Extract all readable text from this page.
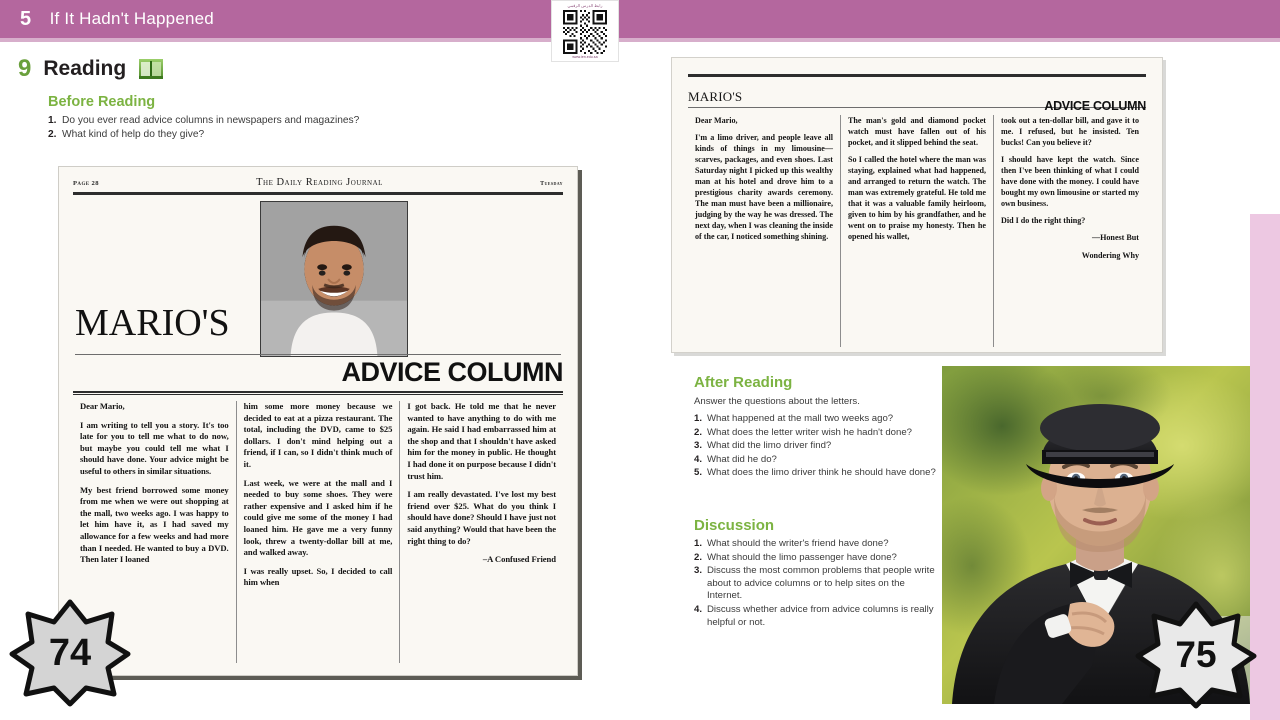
5 If It Hadn't Happened
رابط الدرس الرقمي
www.ien.edu.sa
9 Reading
Before Reading
1. Do you ever read advice columns in newspapers and magazines?
2. What kind of help do they give?
Page 28	The Daily Reading Journal	Tuesday
MARIO'S
ADVICE COLUMN

Dear Mario,

I am writing to tell you a story. It's too late for you to tell me what to do now, but maybe you could tell me what I should have done. Your advice might be useful to others in similar situations.

My best friend borrowed some money from me when we were out shopping at the mall, two weeks ago. I was happy to let him have it, as I had saved my allowance for a few weeks and had more than I needed. He wanted to buy a DVD. Then later I loaned

him some more money because we decided to eat at a pizza restaurant. The total, including the DVD, came to $25 dollars. I don't mind helping out a friend, if I can, so I didn't think much of it.

Last week, we were at the mall and I needed to buy some shoes. They were rather expensive and I asked him if he could give me some of the money I had loaned him. He gave me a very funny look, threw a twenty-dollar bill at me, and walked away.

I was really upset. So, I decided to call him when

I got back. He told me that he never wanted to have anything to do with me again. He said I had embarrassed him at the shop and that I shouldn't have asked him for the money in public. He thought I had done it on purpose because I didn't trust him.

I am really devastated. I've lost my best friend over $25. What do you think I should have done? Should I have just not said anything? Would that have been the right thing to do?

–A Confused Friend

MARIO'S
ADVICE COLUMN

Dear Mario,

I'm a limo driver, and people leave all kinds of things in my limousine—scarves, packages, and even shoes. Last Saturday night I picked up this wealthy man at his hotel and drove him to a prestigious charity awards ceremony. The man must have been a millionaire, judging by the way he was dressed. The next day, when I was cleaning the inside of the car, I noticed something shining.

The man's gold and diamond pocket watch must have fallen out of his pocket, and it slipped behind the seat.

So I called the hotel where the man was staying, explained what had happened, and arranged to return the watch. The man was extremely grateful. He told me that it was a valuable family heirloom, given to him by his grandfather, and he went on to praise my honesty. Then he opened his wallet,

took out a ten-dollar bill, and gave it to me. I refused, but he insisted. Ten bucks! Can you believe it?

I should have kept the watch. Since then I've been thinking of what I could have done with the money. I could have bought my own limousine or started my own business.

Did I do the right thing?

—Honest But

Wondering Why

After Reading
Answer the questions about the letters.
1. What happened at the mall two weeks ago?
2. What does the letter writer wish he hadn't done?
3. What did the limo driver find?
4. What did he do?
5. What does the limo driver think he should have done?
Discussion
1. What should the writer's friend have done?
2. What should the limo passenger have done?
3. Discuss the most common problems that people write about to advice columns or to help sites on the Internet.
4. Discuss whether advice from advice columns is really helpful or not.
74	75
